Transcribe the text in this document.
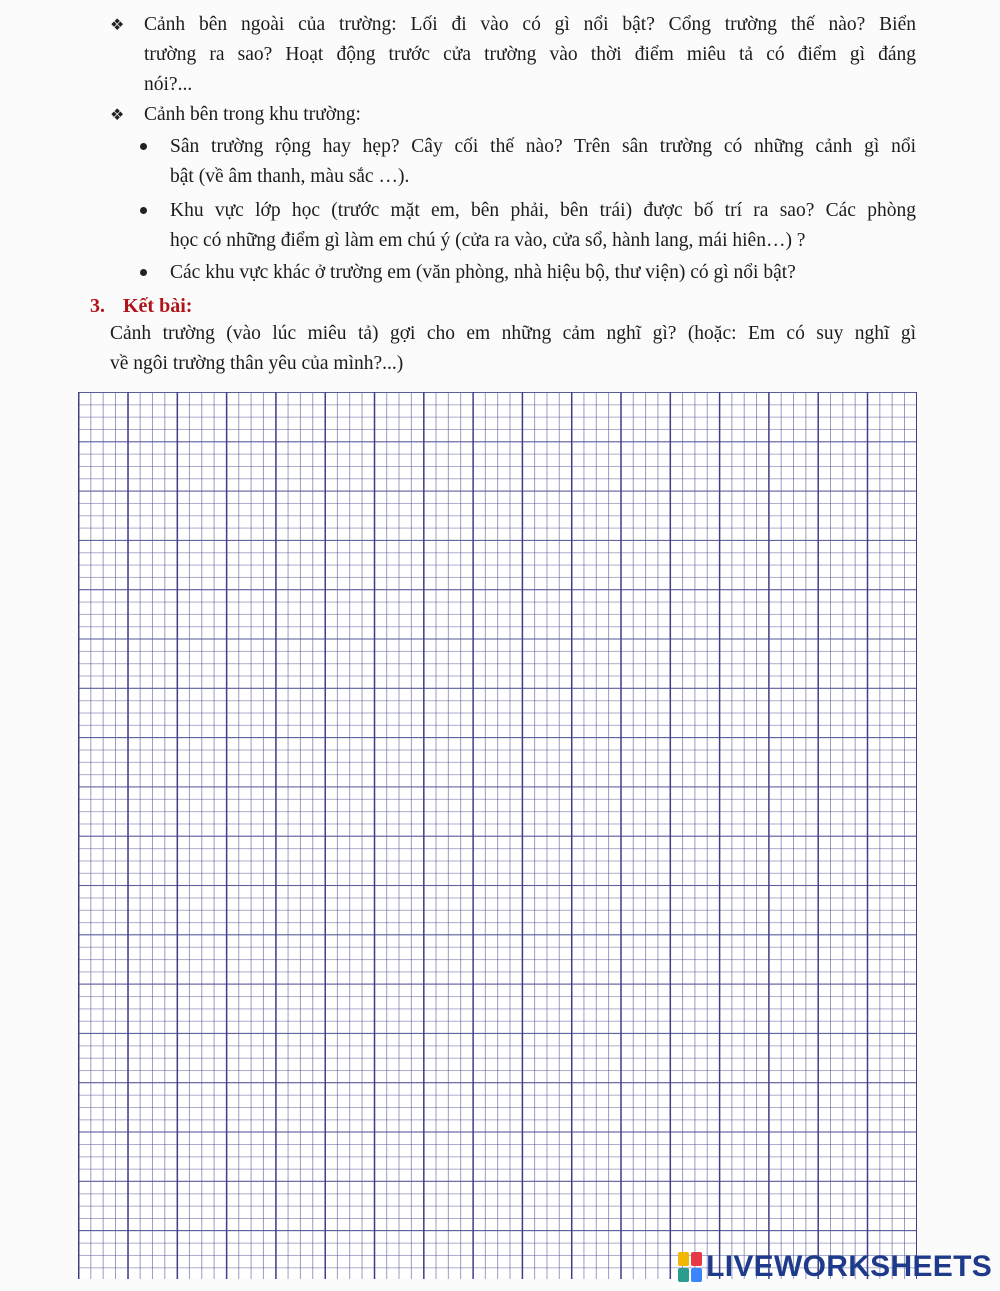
❖ Cảnh bên ngoài của trường: Lối đi vào có gì nổi bật? Cổng trường thế nào? Biển
trường ra sao? Hoạt động trước cửa trường vào thời điểm miêu tả có điểm gì đáng
nói?...
❖ Cảnh bên trong khu trường:
Sân trường rộng hay hẹp? Cây cối thế nào? Trên sân trường có những cảnh gì nổi
bật (về âm thanh, màu sắc …).
Khu vực lớp học (trước mặt em, bên phải, bên trái) được bố trí ra sao? Các phòng
học có những điểm gì làm em chú ý (cửa ra vào, cửa sổ, hành lang, mái hiên…) ?
Các khu vực khác ở trường em (văn phòng, nhà hiệu bộ, thư viện) có gì nổi bật?
3. Kết bài:
Cảnh trường (vào lúc miêu tả) gợi cho em những cảm nghĩ gì? (hoặc: Em có suy nghĩ gì
về ngôi trường thân yêu của mình?...)
LIVEWORKSHEETS
